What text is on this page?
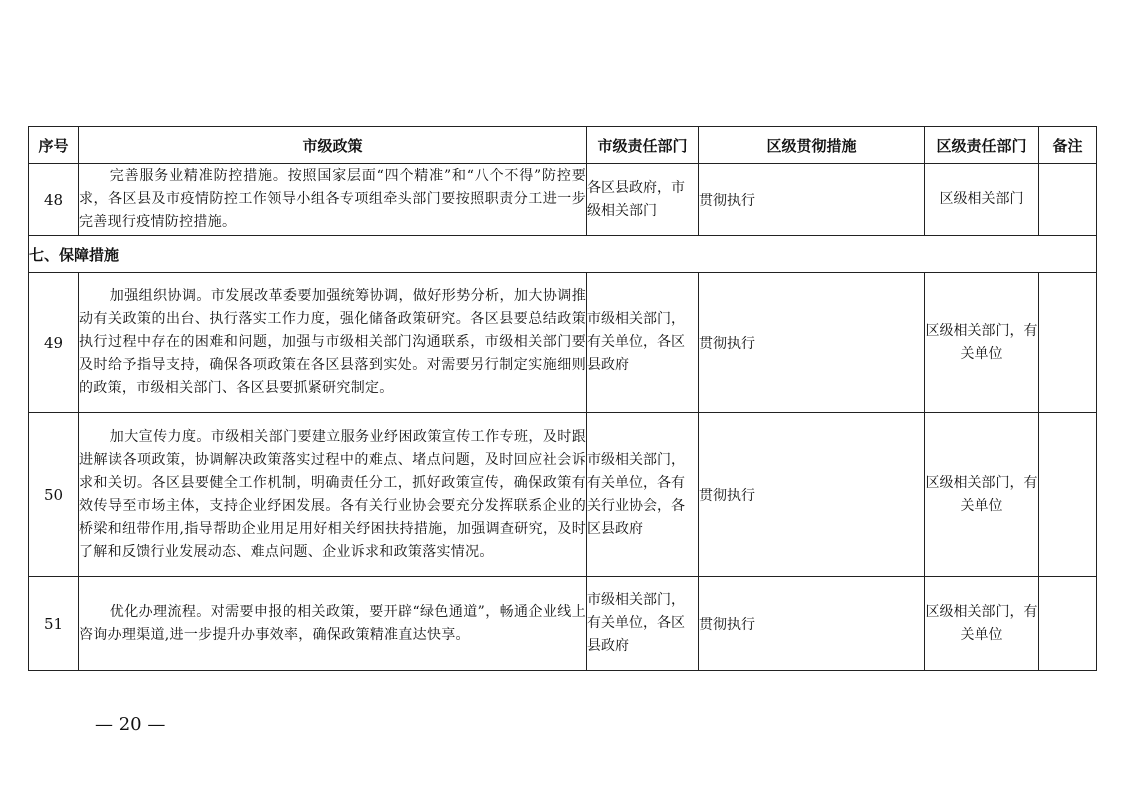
序号	市级政策	市级责任部门	区级贯彻措施	区级责任部门	备注
48	完善服务业精准防控措施。按照国家层面“四个精准”和“八个不得”防控要求，各区县及市疫情防控工作领导小组各专项组牵头部门要按照职责分工进一步完善现行疫情防控措施。	各区县政府，市级相关部门	贯彻执行	区级相关部门	
七、保障措施					
49	加强组织协调。市发展改革委要加强统筹协调，做好形势分析，加大协调推动有关政策的出台、执行落实工作力度，强化储备政策研究。各区县要总结政策执行过程中存在的困难和问题，加强与市级相关部门沟通联系，市级相关部门要及时给予指导支持，确保各项政策在各区县落到实处。对需要另行制定实施细则的政策，市级相关部门、各区县要抓紧研究制定。	市级相关部门，有关单位，各区县政府	贯彻执行	区级相关部门，有关单位	
50	加大宣传力度。市级相关部门要建立服务业纾困政策宣传工作专班，及时跟进解读各项政策，协调解决政策落实过程中的难点、堵点问题，及时回应社会诉求和关切。各区县要健全工作机制，明确责任分工，抓好政策宣传，确保政策有效传导至市场主体，支持企业纾困发展。各有关行业协会要充分发挥联系企业的桥梁和纽带作用,指导帮助企业用足用好相关纾困扶持措施，加强调查研究，及时了解和反馈行业发展动态、难点问题、企业诉求和政策落实情况。	市级相关部门，有关单位，各有关行业协会，各区县政府	贯彻执行	区级相关部门，有关单位	
51	优化办理流程。对需要申报的相关政策，要开辟“绿色通道”，畅通企业线上咨询办理渠道,进一步提升办事效率，确保政策精准直达快享。	市级相关部门，有关单位，各区县政府	贯彻执行	区级相关部门，有关单位	
— 20 —
